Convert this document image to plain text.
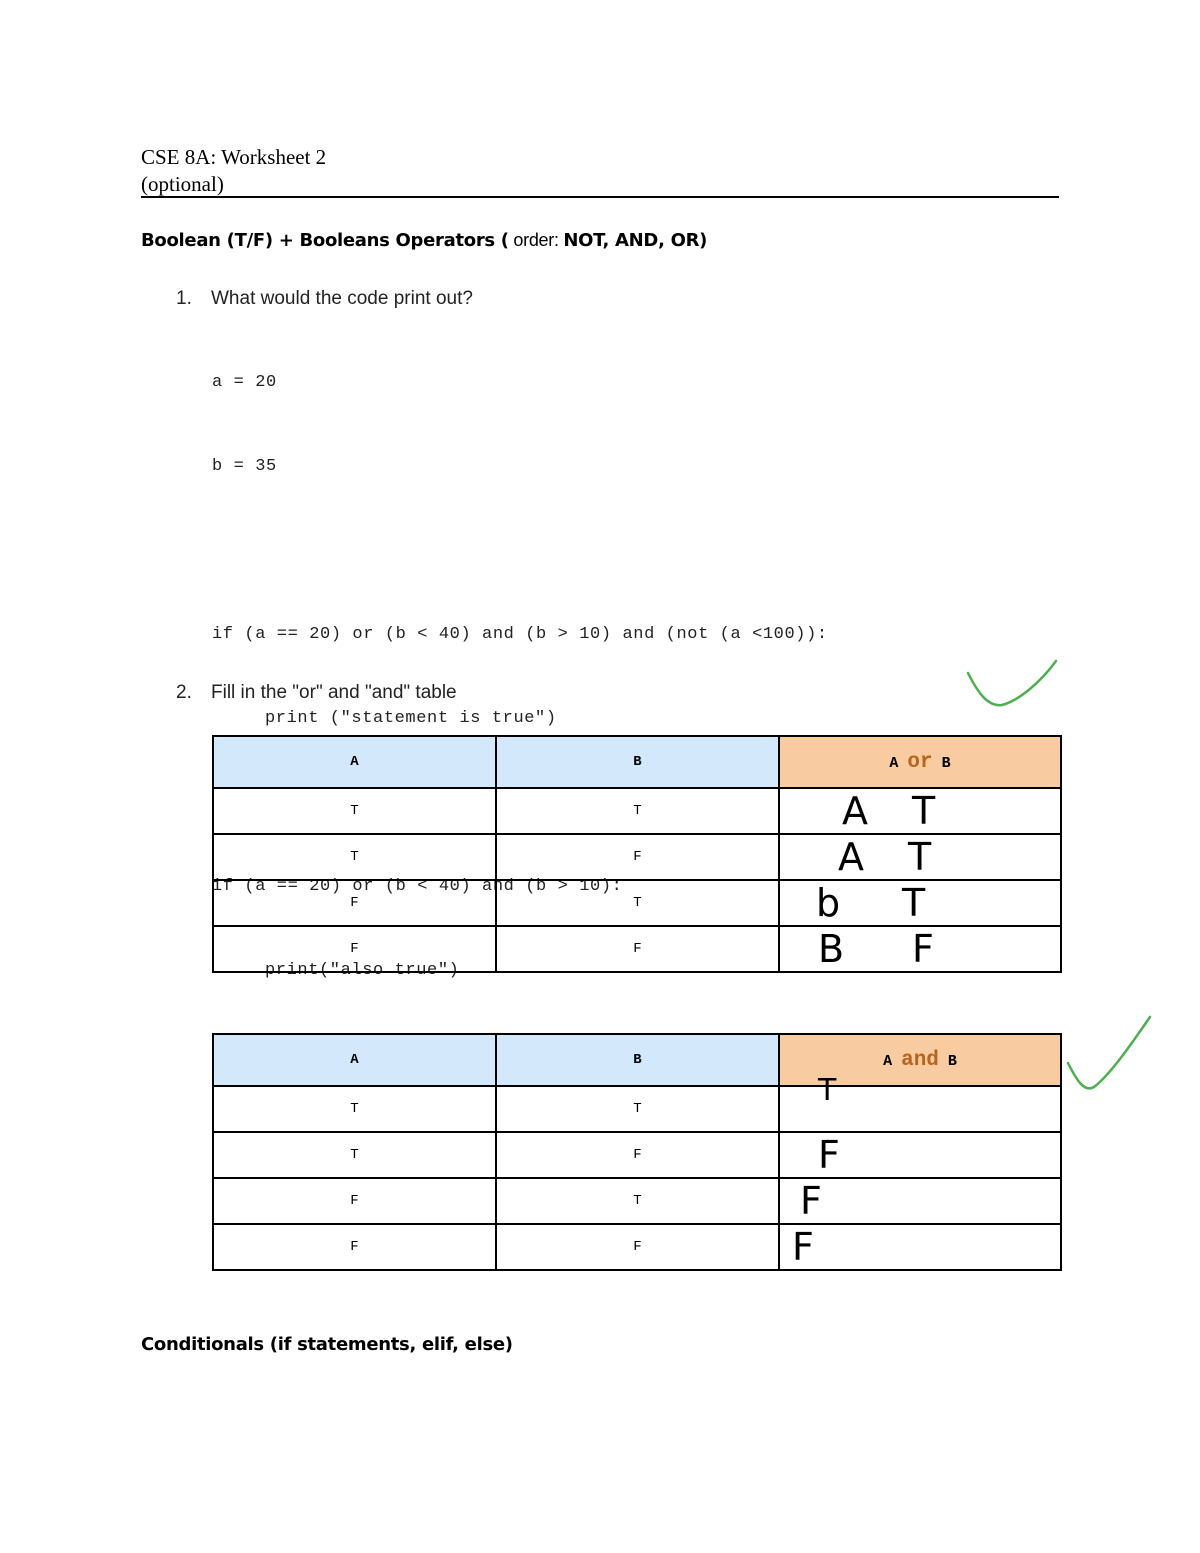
CSE 8A: Worksheet 2
(optional)
Boolean (T/F) + Booleans Operators ( order: NOT, AND, OR)
1. What would the code print out?

a = 20

b = 35

if (a == 20) or (b < 40) and (b > 10) and (not (a <100)):

print ("statement is true")

if (a == 20) or (b < 40) and (b > 10):

print("also true")

2. Fill in the "or" and "and" table
A	B	A or B
T	T	A T

T	F	A T

F	T	b T

F	F	B F
A	B	A and B
T	T	T

T	F	F

F	T	F

F	F	F
Conditionals (if statements, elif, else)
